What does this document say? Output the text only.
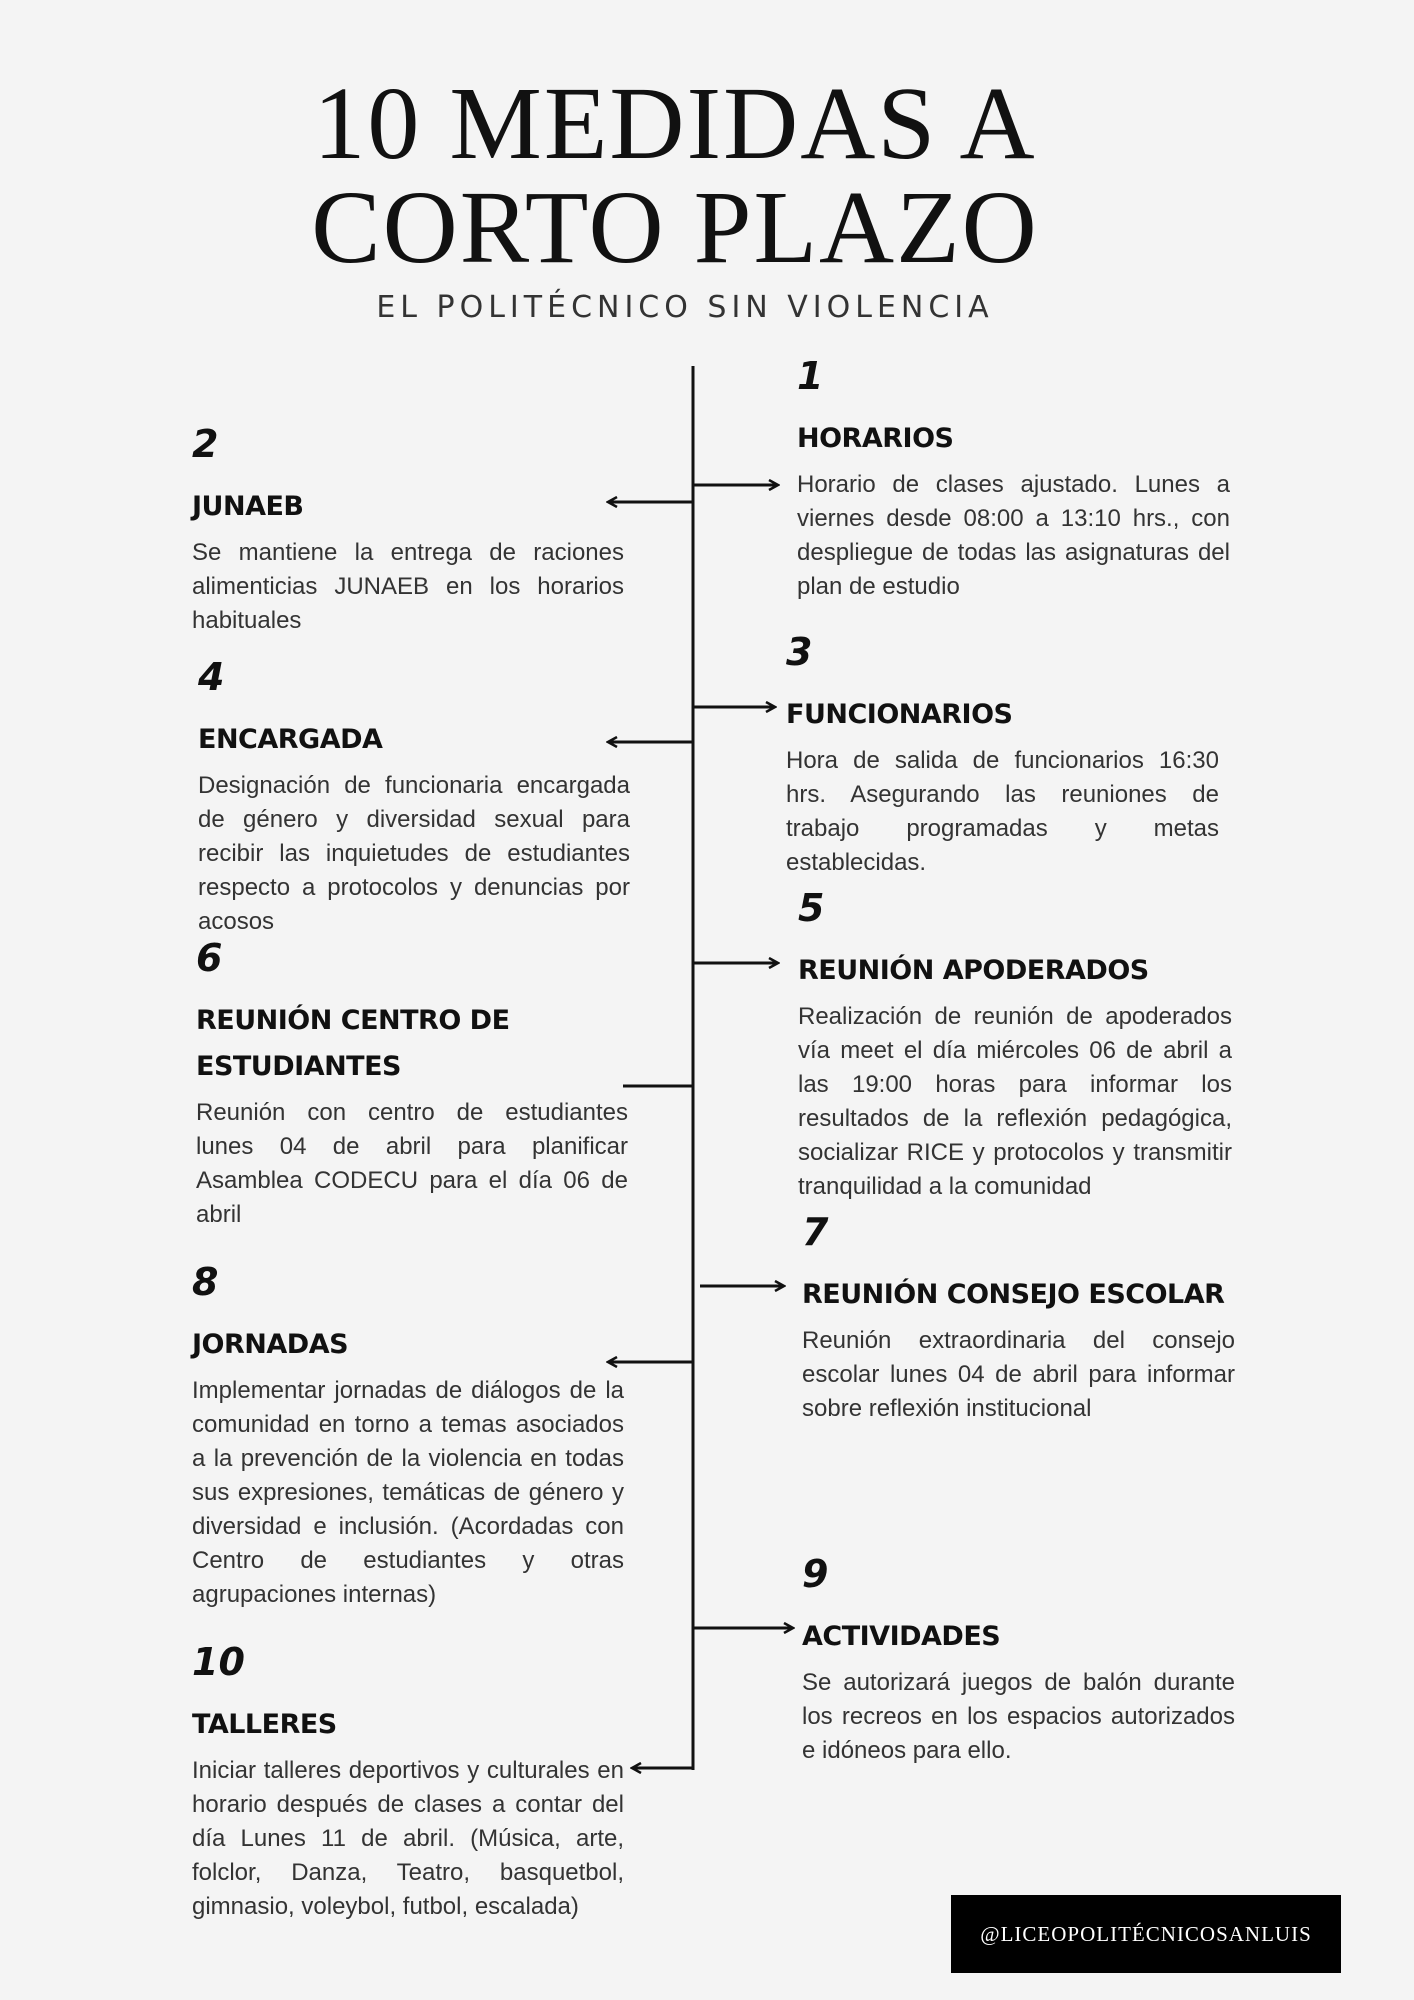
10 MEDIDAS A
CORTO PLAZO
EL POLITÉCNICO SIN VIOLENCIA
1
HORARIOS
Horario de clases ajustado. Lunes a viernes desde 08:00 a 13:10 hrs., con despliegue de todas las asignaturas del plan de estudio
2
JUNAEB
Se mantiene la entrega de raciones alimenticias JUNAEB en los horarios habituales
3
FUNCIONARIOS
Hora de salida de funcionarios 16:30 hrs. Asegurando las reuniones de trabajo programadas y metas establecidas.
4
ENCARGADA
Designación de funcionaria encargada de género y diversidad sexual para recibir las inquietudes de estudiantes respecto a protocolos y denuncias por acosos	5
REUNIÓN APODERADOS
Realización de reunión de apoderados vía meet el día miércoles 06 de abril a las 19:00 horas para informar los resultados de la reflexión pedagógica, socializar RICE y protocolos y transmitir tranquilidad a la comunidad
6
REUNIÓN CENTRO DE ESTUDIANTES
Reunión con centro de estudiantes lunes 04 de abril para planificar Asamblea CODECU para el día 06 de abril	7
REUNIÓN CONSEJO ESCOLAR
Reunión extraordinaria del consejo escolar lunes 04 de abril para informar sobre reflexión institucional
8
JORNADAS
Implementar jornadas de diálogos de la comunidad en torno a temas asociados a la prevención de la violencia en todas sus expresiones, temáticas de género y diversidad e inclusión. (Acordadas con Centro de estudiantes y otras agrupaciones internas)	9
ACTIVIDADES
Se autorizará juegos de balón durante los recreos en los espacios autorizados e idóneos para ello.
10
TALLERES
Iniciar talleres deportivos y culturales en horario después de clases a contar del día Lunes 11 de abril. (Música, arte, folclor, Danza, Teatro, basquetbol, gimnasio, voleybol, futbol, escalada)
@LICEOPOLITÉCNICOSANLUIS
